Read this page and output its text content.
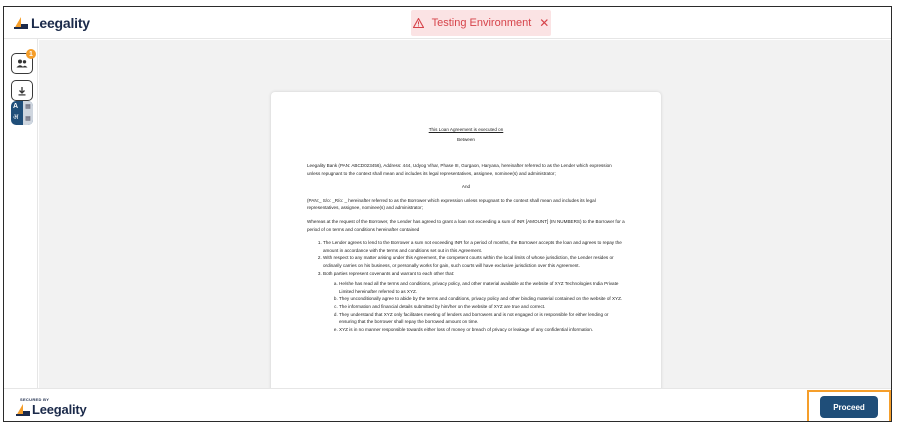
Leegality	Testing Environment ✕
1
A
अ
▦
▦
This Loan Agreement is executed on
Between

Leegality Bank (PAN: ABCD023456), Address: 444, Udyog Vihar, Phase III, Gurgaon, Haryana, hereinafter referred to as the Lender which expression unless repugnant to the context shall mean and includes its legal representatives, assignee, nominee(s) and administrator;

And

(PAN:_ S/o: _R/o: _ hereinafter referred to as the Borrower which expression unless repugnant to the context shall mean and includes its legal representatives, assignee, nominee(s) and administrator;

Whereas at the request of the Borrower, the Lender has agreed to grant a loan not exceeding a sum of INR [AMOUNT] (IN NUMBERS) to the Borrower for a period of on terms and conditions hereinafter contained

1. The Lender agrees to lend to the Borrower a sum not exceeding INR for a period of months, the Borrower accepts the loan and agrees to repay the amount in accordance with the terms and conditions set out in this Agreement.
2. With respect to any matter arising under this Agreement, the competent courts within the local limits of whose jurisdiction, the Lender resides or ordinarily carries on his business, or personally works for gain, such courts will have exclusive jurisdiction over this Agreement.
3. Both parties represent covenants and warrant to each other that:
a. He/she has read all the terms and conditions, privacy policy, and other material available at the website of XYZ Technologies India Private Limited hereinafter referred to as XYZ.
b. They unconditionally agree to abide by the terms and conditions, privacy policy and other binding material contained on the website of XYZ.
c. The information and financial details submitted by him/her on the website of XYZ are true and correct.
d. They understand that XYZ only facilitates meeting of lenders and borrowers and is not engaged or is responsible for either lending or ensuring that the borrower shall repay the borrowed amount on time.
e. XYZ is in no manner responsible towards either loss of money or breach of privacy or leakage of any confidential information.
SECURED BY
Leegality	Proceed
